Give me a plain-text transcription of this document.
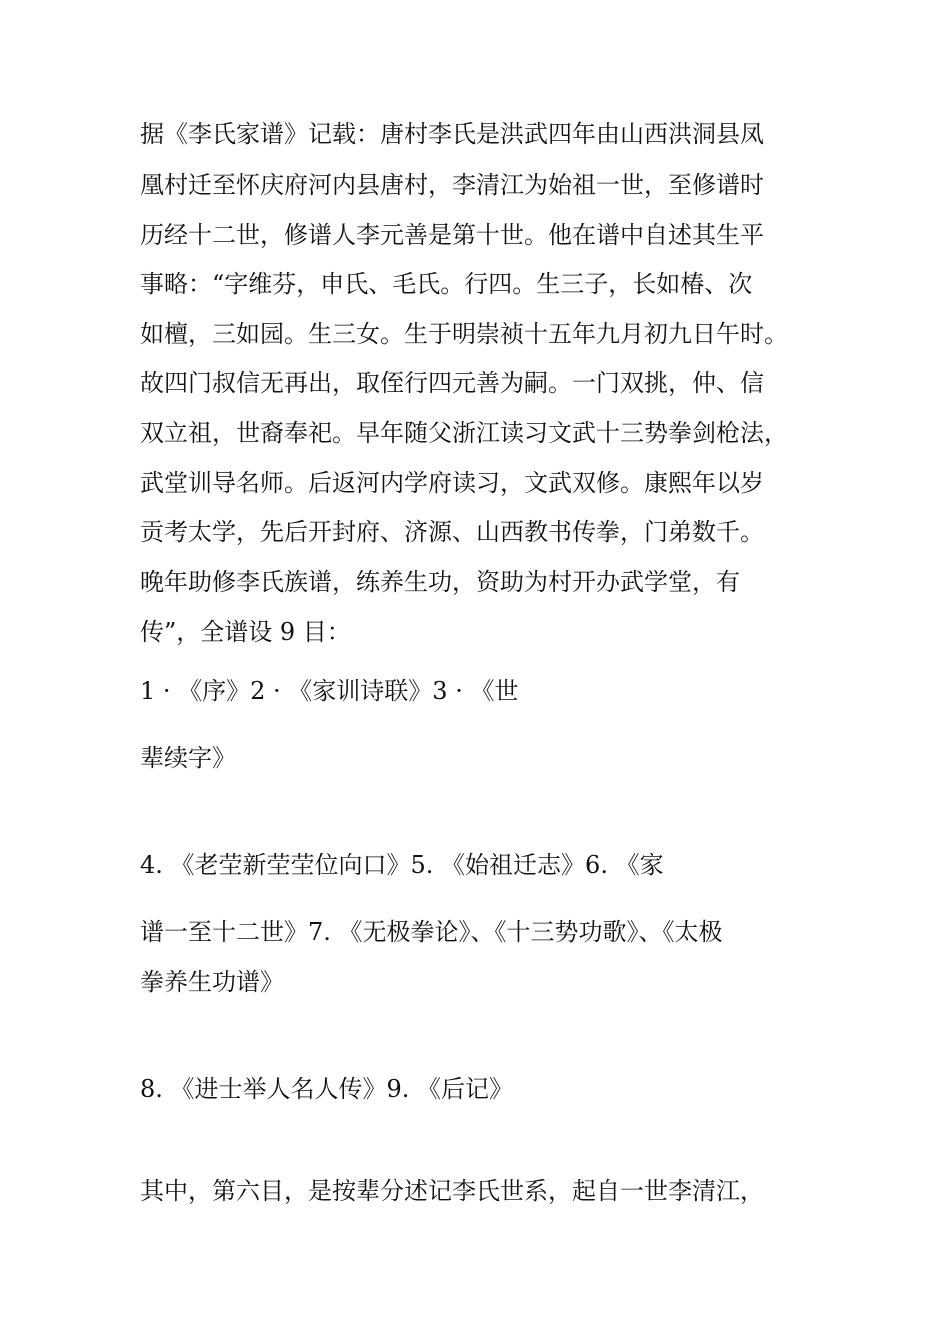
据《李氏家谱》记载：唐村李氏是洪武四年由山西洪洞县凤
凰村迁至怀庆府河内县唐村，李清江为始祖一世，至修谱时
历经十二世，修谱人李元善是第十世。他在谱中自述其生平
事略：“字维芬，申氏、毛氏。行四。生三子，长如椿、次
如檀，三如园。生三女。生于明崇祯十五年九月初九日午时。
故四门叔信无再出，取侄行四元善为嗣。一门双挑，仲、信
双立祖，世裔奉祀。早年随父浙江读习文武十三势拳剑枪法，
武堂训导名师。后返河内学府读习，文武双修。康熙年以岁
贡考太学，先后开封府、济源、山西教书传拳，门弟数千。
晚年助修李氏族谱，练养生功，资助为村开办武学堂，有
传”，全谱设 9 目：
1 · 《序》2 · 《家训诗联》3 · 《世
辈续字》
4. 《老茔新茔茔位向口》5. 《始祖迁志》6. 《家
谱一至十二世》7. 《无极拳论》、《十三势功歌》、《太极
拳养生功谱》
8. 《进士举人名人传》9. 《后记》
其中，第六目，是按辈分述记李氏世系，起自一世李清江，
